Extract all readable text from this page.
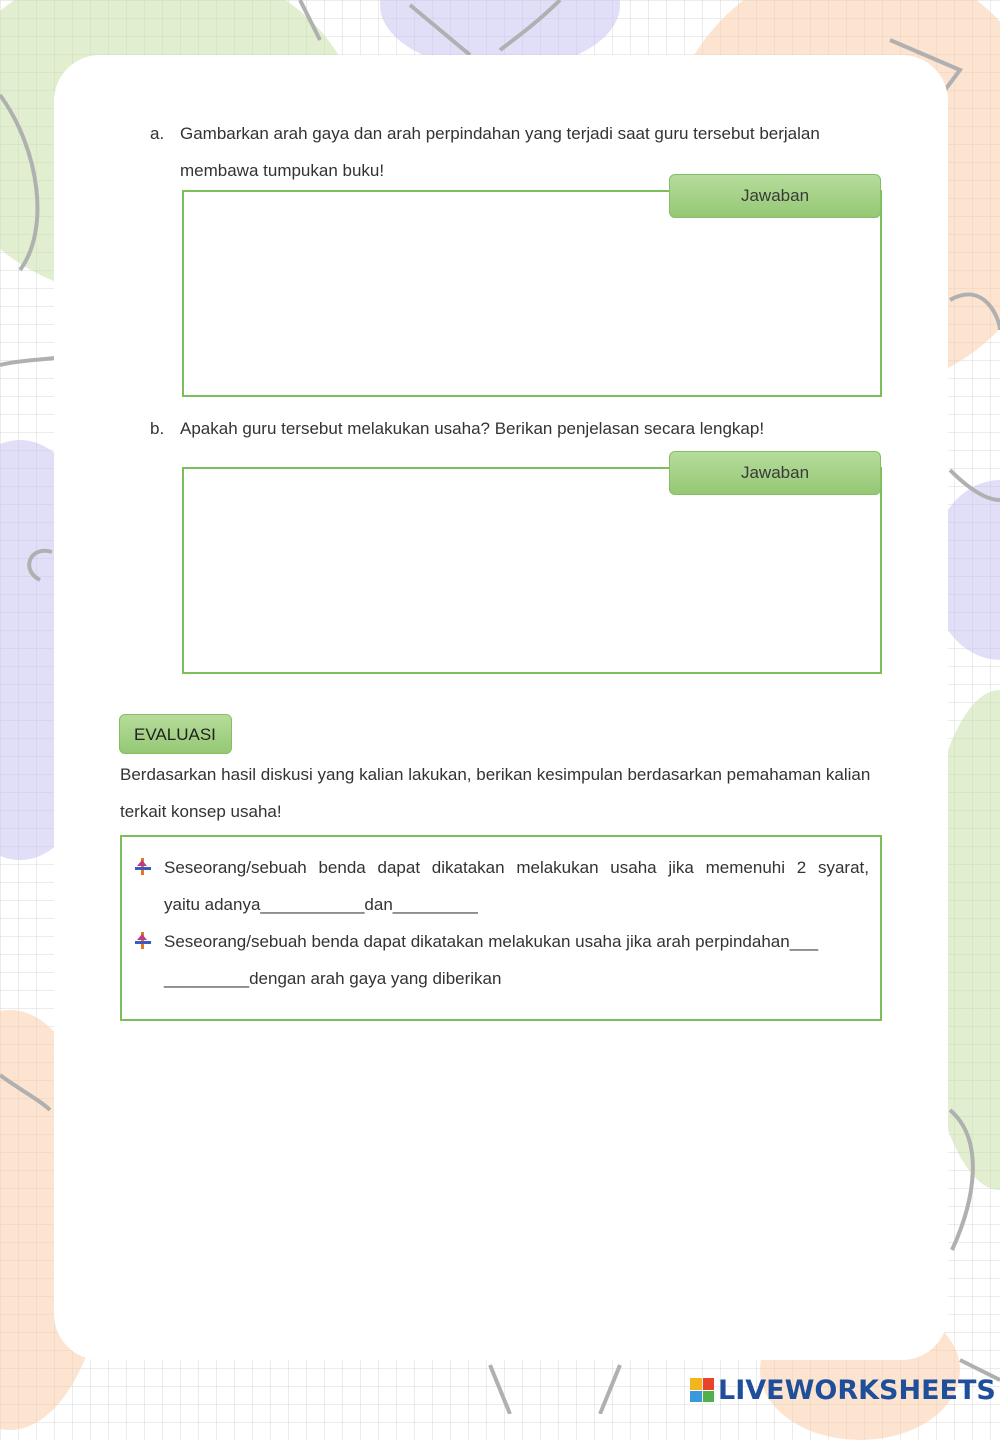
a. Gambarkan arah gaya dan arah perpindahan yang terjadi saat guru tersebut berjalan membawa tumpukan buku!
Jawaban
b. Apakah guru tersebut melakukan usaha? Berikan penjelasan secara lengkap!
Jawaban
EVALUASI
Berdasarkan hasil diskusi yang kalian lakukan, berikan kesimpulan berdasarkan pemahaman kalian terkait konsep usaha!
Seseorang/sebuah benda dapat dikatakan melakukan usaha jika memenuhi 2 syarat,
yaitu adanya___________dan_________
Seseorang/sebuah benda dapat dikatakan melakukan usaha jika arah perpindahan___
_________dengan arah gaya yang diberikan
LIVEWORKSHEETS
